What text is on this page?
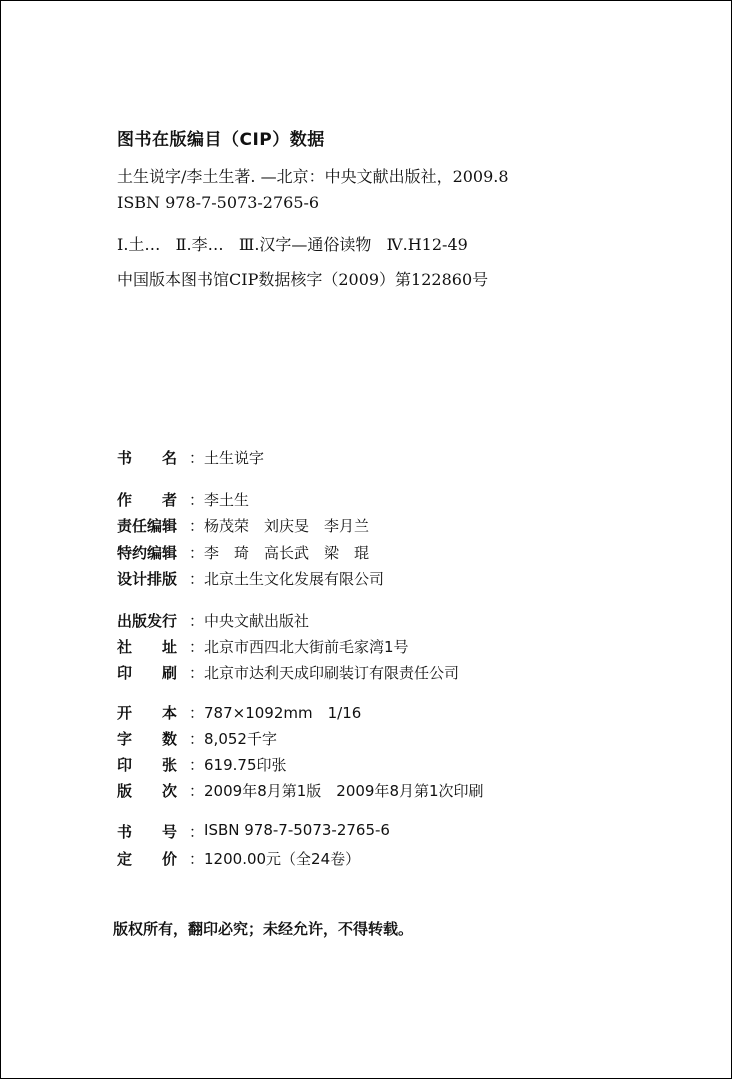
图书在版编目（CIP）数据
土生说字/李土生著. —北京：中央文献出版社，2009.8
ISBN 978-7-5073-2765-6
Ⅰ.土…   Ⅱ.李…   Ⅲ.汉字—通俗读物   Ⅳ.H12-49
中国版本图书馆CIP数据核字（2009）第122860号
书　　名 ： 土生说字
作　　者 ： 李土生
责任编辑 ： 杨茂荣　刘庆旻　李月兰
特约编辑 ： 李　琦　高长武　梁　琨
设计排版 ： 北京土生文化发展有限公司
出版发行 ： 中央文献出版社
社　　址 ： 北京市西四北大街前毛家湾1号
印　　刷 ： 北京市达利天成印刷装订有限责任公司
开　　本 ： 787×1092mm　1/16
字　　数 ： 8,052千字
印　　张 ： 619.75印张
版　　次 ： 2009年8月第1版　2009年8月第1次印刷
书　　号 ： ISBN 978-7-5073-2765-6
定　　价 ： 1200.00元（全24卷）
版权所有，翻印必究；未经允许，不得转载。
